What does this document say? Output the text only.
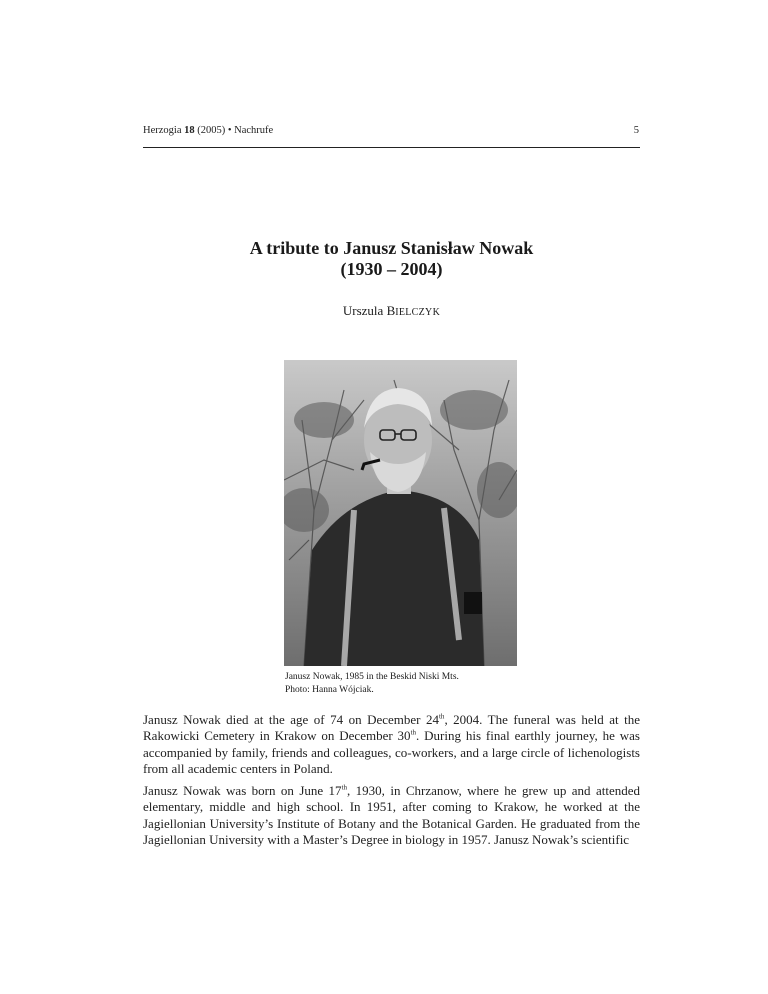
Herzogia 18 (2005) • Nachrufe	5
A tribute to Janusz Stanisław Nowak
(1930 – 2004)
Urszula BIELCZYK
Janusz Nowak, 1985 in the Beskid Niski Mts.
Photo: Hanna Wójciak.

Janusz Nowak died at the age of 74 on December 24th, 2004. The funeral was held at the Rakowicki Cemetery in Krakow on December 30th. During his final earthly journey, he was accompanied by family, friends and colleagues, co-workers, and a large circle of lichenologists from all academic centers in Poland.

Janusz Nowak was born on June 17th, 1930, in Chrzanow, where he grew up and attended elementary, middle and high school. In 1951, after coming to Krakow, he worked at the Jagiellonian University’s Institute of Botany and the Botanical Garden. He graduated from the Jagiellonian University with a Master’s Degree in biology in 1957. Janusz Nowak’s scientific
